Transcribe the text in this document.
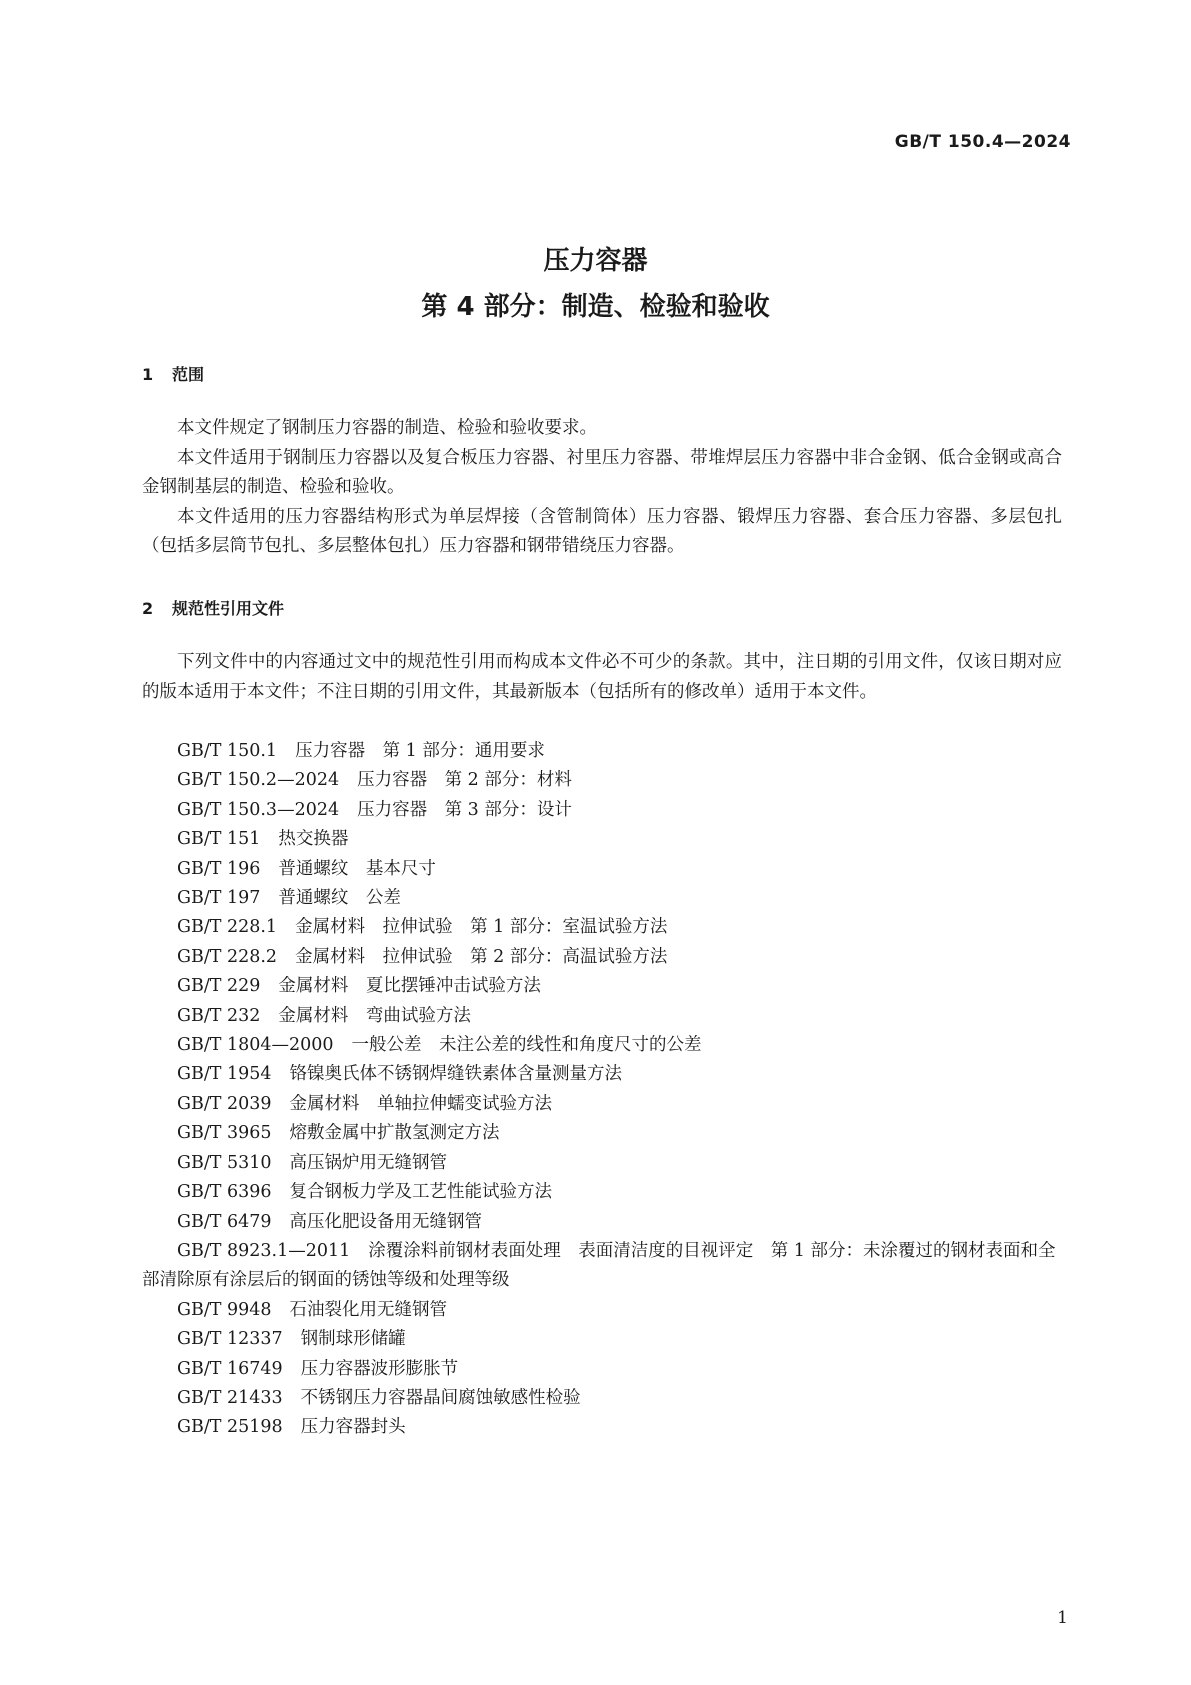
GB/T 150.4—2024
压力容器
第 4 部分：制造、检验和验收
1 范围

本文件规定了钢制压力容器的制造、检验和验收要求。

本文件适用于钢制压力容器以及复合板压力容器、衬里压力容器、带堆焊层压力容器中非合金钢、低合金钢或高合金钢制基层的制造、检验和验收。

本文件适用的压力容器结构形式为单层焊接（含管制筒体）压力容器、锻焊压力容器、套合压力容器、多层包扎（包括多层筒节包扎、多层整体包扎）压力容器和钢带错绕压力容器。

2 规范性引用文件

下列文件中的内容通过文中的规范性引用而构成本文件必不可少的条款。其中，注日期的引用文件，仅该日期对应的版本适用于本文件；不注日期的引用文件，其最新版本（包括所有的修改单）适用于本文件。

GB/T 150.1 压力容器　第 1 部分：通用要求

GB/T 150.2—2024 压力容器　第 2 部分：材料

GB/T 150.3—2024 压力容器　第 3 部分：设计

GB/T 151 热交换器

GB/T 196 普通螺纹　基本尺寸

GB/T 197 普通螺纹　公差

GB/T 228.1 金属材料　拉伸试验　第 1 部分：室温试验方法

GB/T 228.2 金属材料　拉伸试验　第 2 部分：高温试验方法

GB/T 229 金属材料　夏比摆锤冲击试验方法

GB/T 232 金属材料　弯曲试验方法

GB/T 1804—2000 一般公差　未注公差的线性和角度尺寸的公差

GB/T 1954 铬镍奥氏体不锈钢焊缝铁素体含量测量方法

GB/T 2039 金属材料　单轴拉伸蠕变试验方法

GB/T 3965 熔敷金属中扩散氢测定方法

GB/T 5310 高压锅炉用无缝钢管

GB/T 6396 复合钢板力学及工艺性能试验方法

GB/T 6479 高压化肥设备用无缝钢管

GB/T 8923.1—2011 涂覆涂料前钢材表面处理　表面清洁度的目视评定　第 1 部分：未涂覆过的钢材表面和全部清除原有涂层后的钢面的锈蚀等级和处理等级

GB/T 9948 石油裂化用无缝钢管

GB/T 12337 钢制球形储罐

GB/T 16749 压力容器波形膨胀节

GB/T 21433 不锈钢压力容器晶间腐蚀敏感性检验

GB/T 25198 压力容器封头

1
